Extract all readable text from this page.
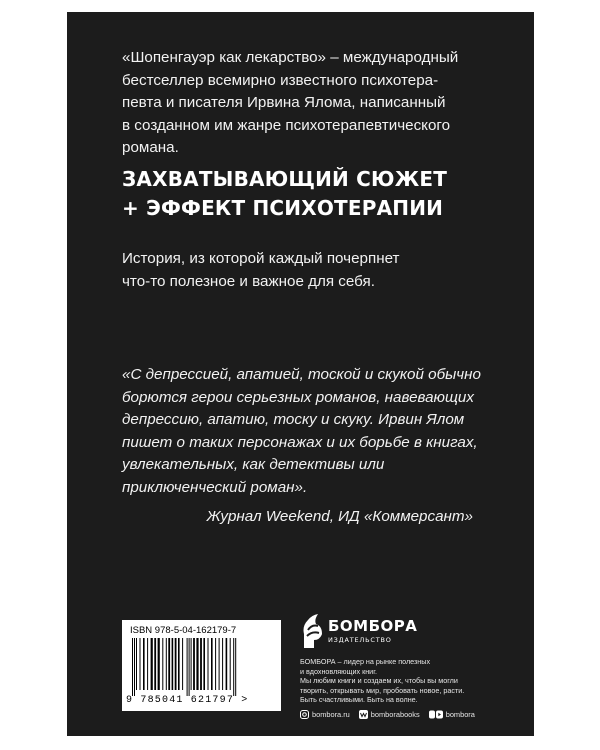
«Шопенгауэр как лекарство» – международный
бестселлер всемирно известного психотера-
певта и писателя Ирвина Ялома, написанный
в созданном им жанре психотерапевтического
романа.
ЗАХВАТЫВАЮЩИЙ СЮЖЕТ
+ ЭФФЕКТ ПСИХОТЕРАПИИ
История, из которой каждый почерпнет
что-то полезное и важное для себя.
«С депрессией, апатией, тоской и скукой обычно
борются герои серьезных романов, навевающих
депрессию, апатию, тоску и скуку. Ирвин Ялом
пишет о таких персонажах и их борьбе в книгах,
увлекательных, как детективы или
приключенческий роман».
Журнал Weekend, ИД «Коммерсант»
ISBN 978-5-04-162179-7
9 785041 621797 >
БОМБОРА
ИЗДАТЕЛЬСТВО
БОМБОРА – лидер на рынке полезных
и вдохновляющих книг.
Мы любим книги и создаем их, чтобы вы могли
творить, открывать мир, пробовать новое, расти.
Быть счастливыми. Быть на волне.
bombora.ru	bomborabooks	bombora
